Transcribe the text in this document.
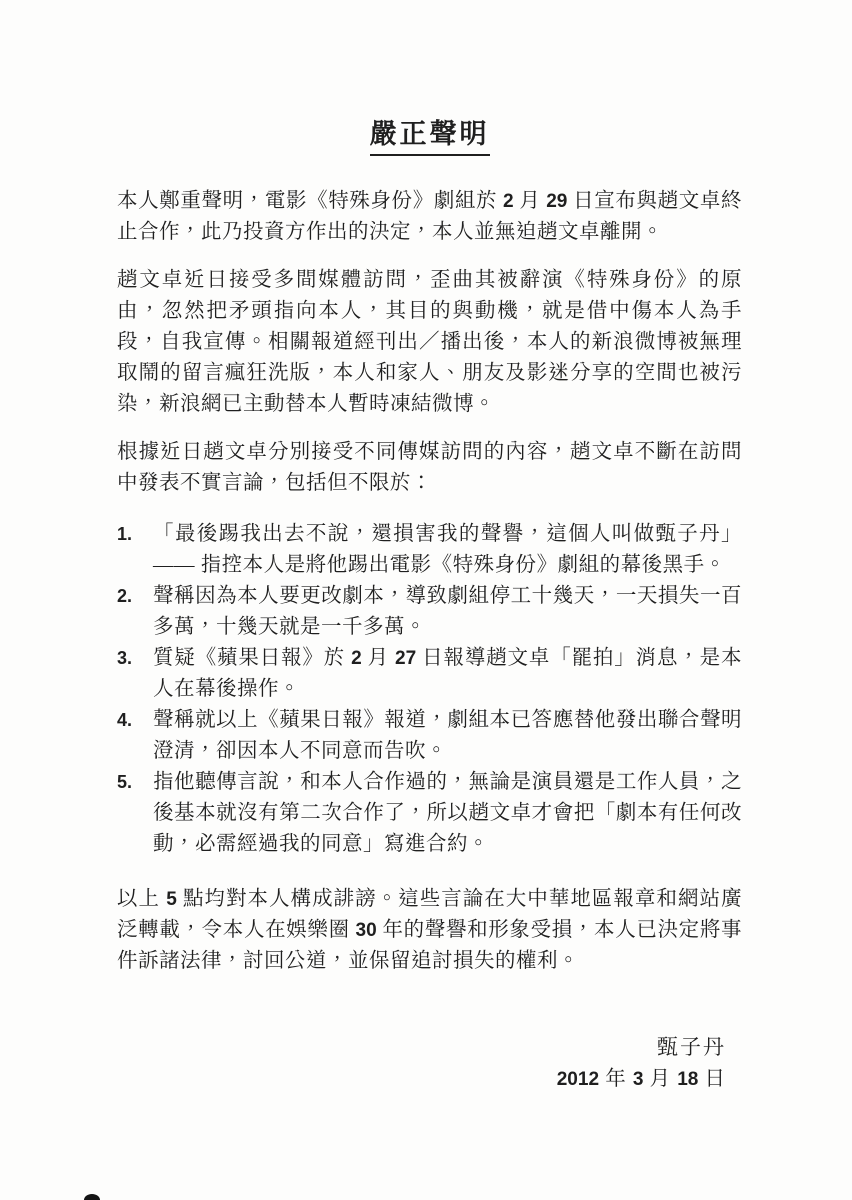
嚴正聲明
本人鄭重聲明，電影《特殊身份》劇組於 2 月 29 日宣布與趙文卓終止合作，此乃投資方作出的決定，本人並無迫趙文卓離開。
趙文卓近日接受多間媒體訪問，歪曲其被辭演《特殊身份》的原由，忽然把矛頭指向本人，其目的與動機，就是借中傷本人為手段，自我宣傳。相關報道經刊出／播出後，本人的新浪微博被無理取鬧的留言瘋狂洗版，本人和家人、朋友及影迷分享的空間也被污染，新浪網已主動替本人暫時凍結微博。
根據近日趙文卓分別接受不同傳媒訪問的內容，趙文卓不斷在訪問中發表不實言論，包括但不限於：
1.	「最後踢我出去不說，還損害我的聲譽，這個人叫做甄子丹」—— 指控本人是將他踢出電影《特殊身份》劇組的幕後黑手。
2.	聲稱因為本人要更改劇本，導致劇組停工十幾天，一天損失一百多萬，十幾天就是一千多萬。
3.	質疑《蘋果日報》於 2 月 27 日報導趙文卓「罷拍」消息，是本人在幕後操作。
4.	聲稱就以上《蘋果日報》報道，劇組本已答應替他發出聯合聲明澄清，卻因本人不同意而告吹。
5.	指他聽傳言說，和本人合作過的，無論是演員還是工作人員，之後基本就沒有第二次合作了，所以趙文卓才會把「劇本有任何改動，必需經過我的同意」寫進合約。
以上 5 點均對本人構成誹謗。這些言論在大中華地區報章和網站廣泛轉載，令本人在娛樂圈 30 年的聲譽和形象受損，本人已決定將事件訴諸法律，討回公道，並保留追討損失的權利。
甄子丹
2012 年 3 月 18 日
